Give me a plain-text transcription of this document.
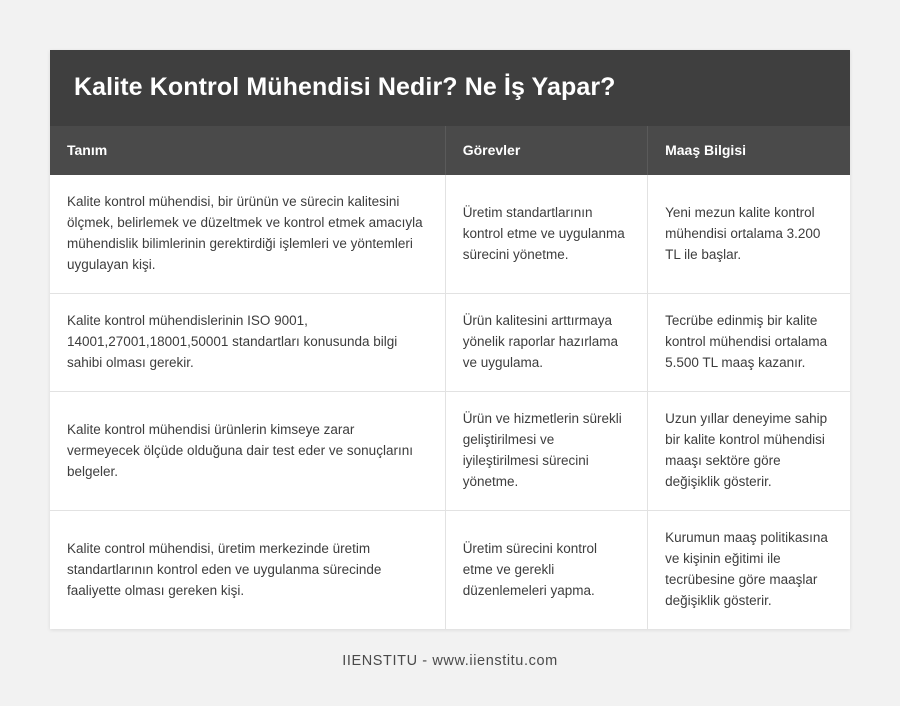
Kalite Kontrol Mühendisi Nedir? Ne İş Yapar?
Tanım	Görevler	Maaş Bilgisi
Kalite kontrol mühendisi, bir ürünün ve sürecin kalitesini ölçmek, belirlemek ve düzeltmek ve kontrol etmek amacıyla mühendislik bilimlerinin gerektirdiği işlemleri ve yöntemleri uygulayan kişi.	Üretim standartlarının kontrol etme ve uygulanma sürecini yönetme.	Yeni mezun kalite kontrol mühendisi ortalama 3.200 TL ile başlar.
Kalite kontrol mühendislerinin ISO 9001, 14001,27001,18001,50001 standartları konusunda bilgi sahibi olması gerekir.	Ürün kalitesini arttırmaya yönelik raporlar hazırlama ve uygulama.	Tecrübe edinmiş bir kalite kontrol mühendisi ortalama 5.500 TL maaş kazanır.
Kalite kontrol mühendisi ürünlerin kimseye zarar vermeyecek ölçüde olduğuna dair test eder ve sonuçlarını belgeler.	Ürün ve hizmetlerin sürekli geliştirilmesi ve iyileştirilmesi sürecini yönetme.	Uzun yıllar deneyime sahip bir kalite kontrol mühendisi maaşı sektöre göre değişiklik gösterir.
Kalite control mühendisi, üretim merkezinde üretim standartlarının kontrol eden ve uygulanma sürecinde faaliyette olması gereken kişi.	Üretim sürecini kontrol etme ve gerekli düzenlemeleri yapma.	Kurumun maaş politikasına ve kişinin eğitimi ile tecrübesine göre maaşlar değişiklik gösterir.
IIENSTITU - www.iienstitu.com
